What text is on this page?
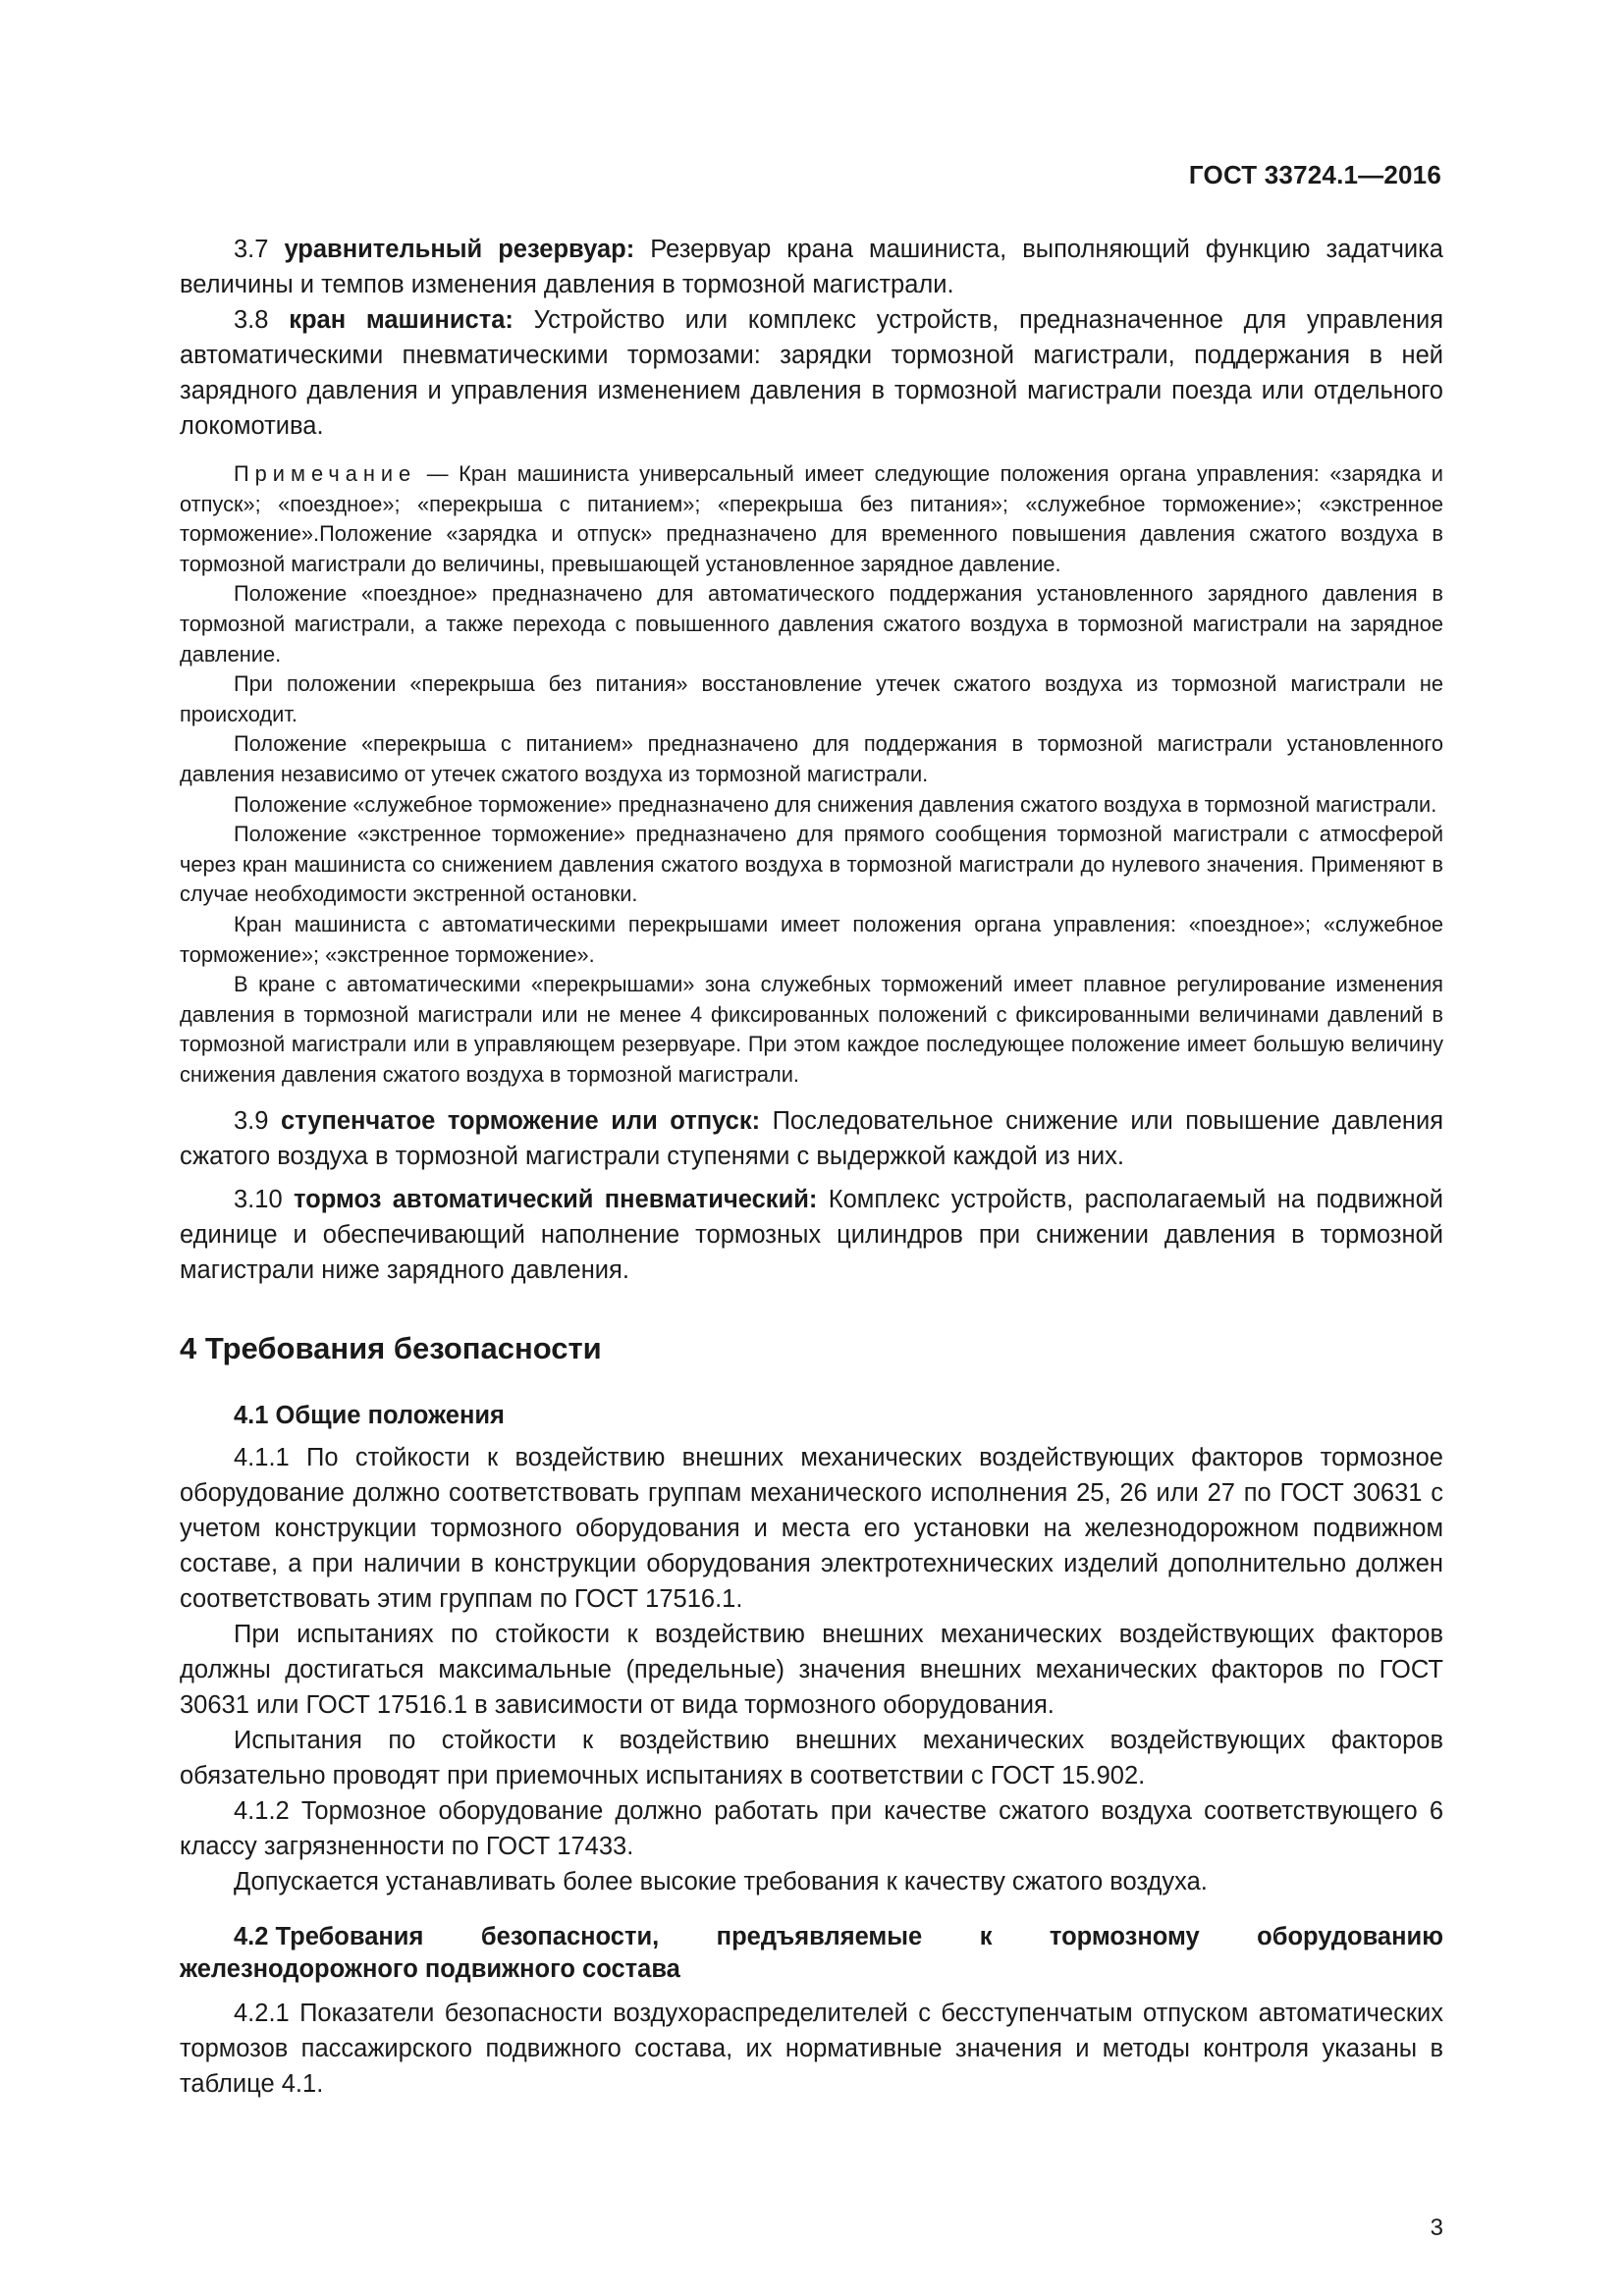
ГОСТ 33724.1—2016

3.7 уравнительный резервуар: Резервуар крана машиниста, выполняющий функцию задатчика величины и темпов изменения давления в тормозной магистрали.

3.8 кран машиниста: Устройство или комплекс устройств, предназначенное для управления автоматическими пневматическими тормозами: зарядки тормозной магистрали, поддержания в ней зарядного давления и управления изменением давления в тормозной магистрали поезда или отдельного локомотива.

Примечание — Кран машиниста универсальный имеет следующие положения органа управления: «зарядка и отпуск»; «поездное»; «перекрыша с питанием»; «перекрыша без питания»; «служебное торможение»; «экстренное торможение».Положение «зарядка и отпуск» предназначено для временного повышения давления сжатого воздуха в тормозной магистрали до величины, превышающей установленное зарядное давление.

Положение «поездное» предназначено для автоматического поддержания установленного зарядного давления в тормозной магистрали, а также перехода с повышенного давления сжатого воздуха в тормозной магистрали на зарядное давление.

При положении «перекрыша без питания» восстановление утечек сжатого воздуха из тормозной магистрали не происходит.

Положение «перекрыша с питанием» предназначено для поддержания в тормозной магистрали установленного давления независимо от утечек сжатого воздуха из тормозной магистрали.

Положение «служебное торможение» предназначено для снижения давления сжатого воздуха в тормозной магистрали.

Положение «экстренное торможение» предназначено для прямого сообщения тормозной магистрали с атмосферой через кран машиниста со снижением давления сжатого воздуха в тормозной магистрали до нулевого значения. Применяют в случае необходимости экстренной остановки.

Кран машиниста с автоматическими перекрышами имеет положения органа управления: «поездное»; «служебное торможение»; «экстренное торможение».

В кране с автоматическими «перекрышами» зона служебных торможений имеет плавное регулирование изменения давления в тормозной магистрали или не менее 4 фиксированных положений с фиксированными величинами давлений в тормозной магистрали или в управляющем резервуаре. При этом каждое последующее положение имеет большую величину снижения давления сжатого воздуха в тормозной магистрали.

3.9 ступенчатое торможение или отпуск: Последовательное снижение или повышение давления сжатого воздуха в тормозной магистрали ступенями с выдержкой каждой из них.

3.10 тормоз автоматический пневматический: Комплекс устройств, располагаемый на подвижной единице и обеспечивающий наполнение тормозных цилиндров при снижении давления в тормозной магистрали ниже зарядного давления.

4 Требования безопасности
4.1 Общие положения

4.1.1 По стойкости к воздействию внешних механических воздействующих факторов тормозное оборудование должно соответствовать группам механического исполнения 25, 26 или 27 по ГОСТ 30631 с учетом конструкции тормозного оборудования и места его установки на железнодорожном подвижном составе, а при наличии в конструкции оборудования электротехнических изделий дополнительно должен соответствовать этим группам по ГОСТ 17516.1.

При испытаниях по стойкости к воздействию внешних механических воздействующих факторов должны достигаться максимальные (предельные) значения внешних механических факторов по ГОСТ 30631 или ГОСТ 17516.1 в зависимости от вида тормозного оборудования.

Испытания по стойкости к воздействию внешних механических воздействующих факторов обязательно проводят при приемочных испытаниях в соответствии с ГОСТ 15.902.

4.1.2 Тормозное оборудование должно работать при качестве сжатого воздуха соответствующего 6 классу загрязненности по ГОСТ 17433.

Допускается устанавливать более высокие требования к качеству сжатого воздуха.

4.2 Требования безопасности, предъявляемые к тормозному оборудованию
железнодорожного подвижного состава

4.2.1 Показатели безопасности воздухораспределителей с бесступенчатым отпуском автоматических тормозов пассажирского подвижного состава, их нормативные значения и методы контроля указаны в таблице 4.1.

3
